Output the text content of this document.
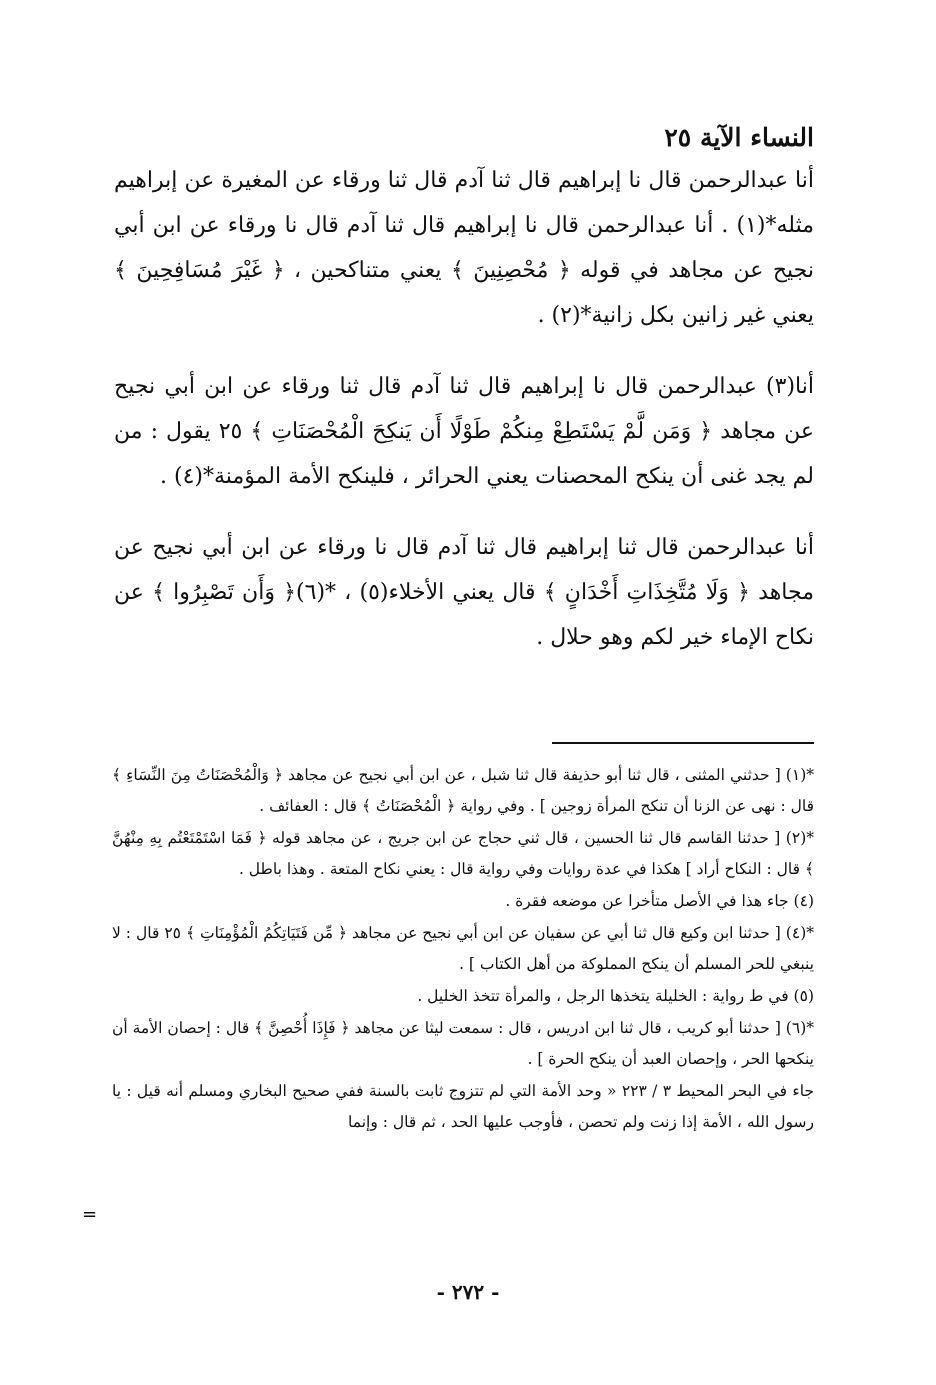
النساء الآية ٢٥

أنا عبدالرحمن قال نا إبراهيم قال ثنا آدم قال ثنا ورقاء عن المغيرة عن إبراهيم مثله*(١) . أنا عبدالرحمن قال نا إبراهيم قال ثنا آدم قال نا ورقاء عن ابن أبي نجيح عن مجاهد في قوله ﴿ مُحْصِنِينَ ﴾ يعني متناكحين ، ﴿ غَيْرَ مُسَافِحِينَ ﴾ يعني غير زانين بكل زانية*(٢) .

أنا(٣) عبدالرحمن قال نا إبراهيم قال ثنا آدم قال ثنا ورقاء عن ابن أبي نجيح عن مجاهد ﴿ وَمَن لَّمْ يَسْتَطِعْ مِنكُمْ طَوْلًا أَن يَنكِحَ الْمُحْصَنَاتِ ﴾ ٢٥ يقول : من لم يجد غنى أن ينكح المحصنات يعني الحرائر ، فلينكح الأمة المؤمنة*(٤) .

أنا عبدالرحمن قال ثنا إبراهيم قال ثنا آدم قال نا ورقاء عن ابن أبي نجيح عن مجاهد ﴿ وَلَا مُتَّخِذَاتِ أَخْدَانٍ ﴾ قال يعني الأخلاء(٥) ، *(٦)﴿ وَأَن تَصْبِرُوا ﴾ عن نكاح الإماء خير لكم وهو حلال .

*(١) [ حدثني المثنى ، قال ثنا أبو حذيفة قال ثنا شبل ، عن ابن أبي نجيح عن مجاهد ﴿ وَالْمُحْصَنَاتُ مِنَ النِّسَاءِ ﴾ قال : نهى عن الزنا أن تنكح المرأة زوجين ] . وفي رواية ﴿ الْمُحْصَنَاتُ ﴾ قال : العفائف .

*(٢) [ حدثنا القاسم قال ثنا الحسين ، قال ثني حجاج عن ابن جريج ، عن مجاهد قوله ﴿ فَمَا اسْتَمْتَعْتُم بِهِ مِنْهُنَّ ﴾ قال : النكاح أراد ] هكذا في عدة روايات وفي رواية قال : يعني نكاح المتعة . وهذا باطل .

(٤) جاء هذا في الأصل متأخرا عن موضعه فقرة .

*(٤) [ حدثنا ابن وكيع قال ثنا أبي عن سفيان عن ابن أبي نجيح عن مجاهد ﴿ مِّن فَتَيَاتِكُمُ الْمُؤْمِنَاتِ ﴾ ٢٥ قال : لا ينبغي للحر المسلم أن ينكح المملوكة من أهل الكتاب ] .

(٥) في ط رواية : الخليلة يتخذها الرجل ، والمرأة تتخذ الخليل .

*(٦) [ حدثنا أبو كريب ، قال ثنا ابن ادريس ، قال : سمعت ليثا عن مجاهد ﴿ فَإِذَا أُحْصِنَّ ﴾ قال : إحصان الأمة أن ينكحها الحر ، وإحصان العبد أن ينكح الحرة ] .

جاء في البحر المحيط ٣ / ٢٢٣ « وحد الأمة التي لم تتزوج ثابت بالسنة ففي صحيح البخاري ومسلم أنه قيل : يا رسول الله ، الأمة إذا زنت ولم تحصن ، فأوجب عليها الحد ، ثم قال : وإنما

=
- ٢٧٢ -
